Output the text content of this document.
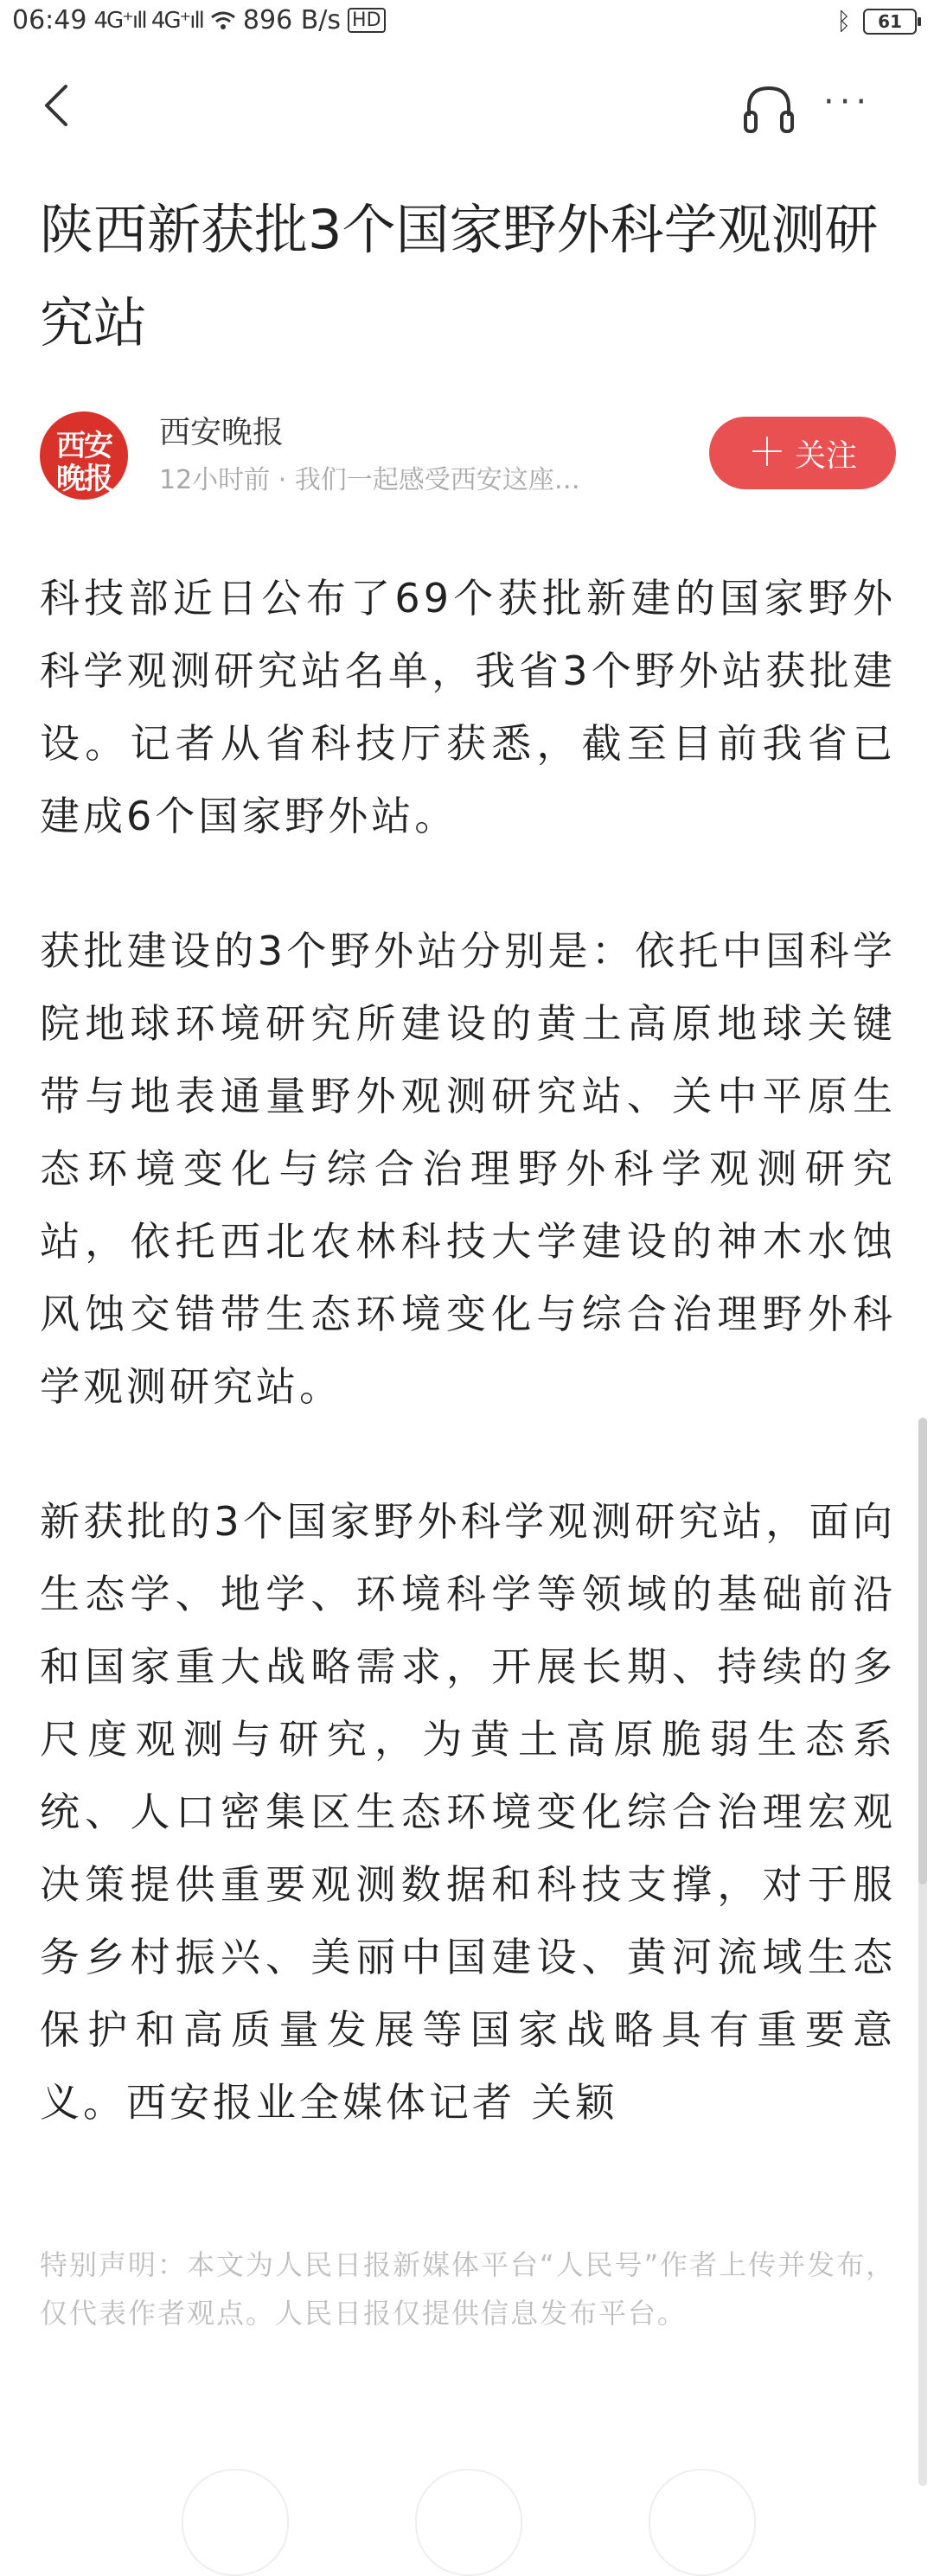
06:49 4G⁺ıll 4G⁺ıll 896 B/s HD	ᛒ	61
···
陕西新获批3个国家野外科学观测研究站
西安
晚报
西安晚报
12小时前 · 我们一起感受西安这座…
＋ 关注
科技部近日公布了69个获批新建的国家野外科学观测研究站名单，我省3个野外站获批建设。记者从省科技厅获悉，截至目前我省已建成6个国家野外站。
获批建设的3个野外站分别是：依托中国科学院地球环境研究所建设的黄土高原地球关键带与地表通量野外观测研究站、关中平原生态环境变化与综合治理野外科学观测研究站，依托西北农林科技大学建设的神木水蚀风蚀交错带生态环境变化与综合治理野外科学观测研究站。
新获批的3个国家野外科学观测研究站，面向生态学、地学、环境科学等领域的基础前沿和国家重大战略需求，开展长期、持续的多尺度观测与研究，为黄土高原脆弱生态系统、人口密集区生态环境变化综合治理宏观决策提供重要观测数据和科技支撑，对于服务乡村振兴、美丽中国建设、黄河流域生态保护和高质量发展等国家战略具有重要意义。西安报业全媒体记者 关颖
特别声明：本文为人民日报新媒体平台“人民号”作者上传并发布，仅代表作者观点。人民日报仅提供信息发布平台。
